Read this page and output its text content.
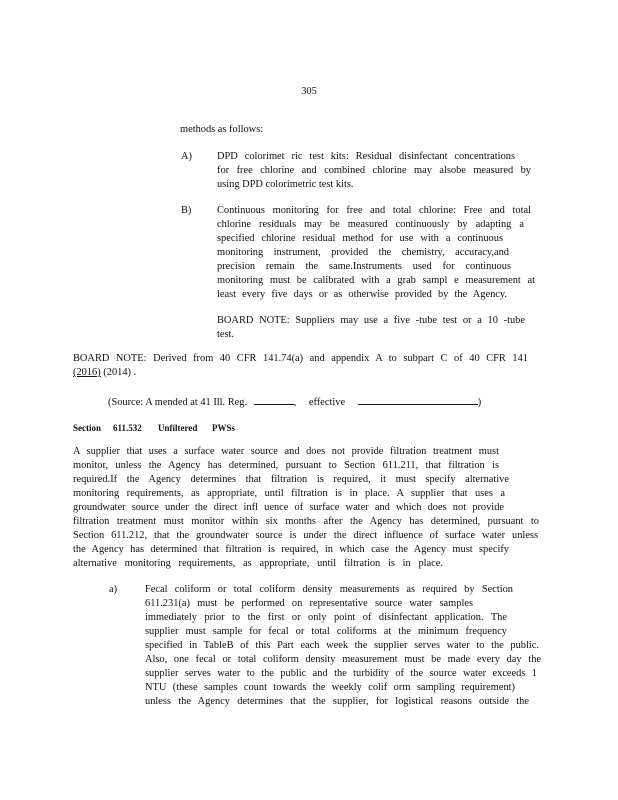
305
methods as follows:
A) DPD colorimet ric test kits: Residual disinfectant concentrations
for free chlorine and combined chlorine may alsobe measured by
using DPD colorimetric test kits.
B) Continuous monitoring for free and total chlorine: Free and total
chlorine residuals may be measured continuously by adapting a
specified chlorine residual method for use with a continuous
monitoring instrument, provided the chemistry, accuracy,and
precision remain the same.Instruments used for continuous
monitoring must be calibrated with a grab sampl e measurement at
least every five days or as otherwise provided by the Agency.
BOARD NOTE: Suppliers may use a five -tube test or a 10 -tube
test.
BOARD NOTE: Derived from 40 CFR 141.74(a) and appendix A to subpart C of 40 CFR 141
(2016) (2014) .
(Source: A mended at 41 Ill. Reg.	, effective	)
Section 611.532 Unfiltered PWSs
A supplier that uses a surface water source and does not provide filtration treatment must
monitor, unless the Agency has determined, pursuant to Section 611.211, that filtration is
required.If the Agency determines that filtration is required, it must specify alternative
monitoring requirements, as appropriate, until filtration is in place. A supplier that uses a
groundwater source under the direct infl uence of surface water and which does not provide
filtration treatment must monitor within six months after the Agency has determined, pursuant to
Section 611.212, that the groundwater source is under the direct influence of surface water unless
the Agency has determined that filtration is required, in which case the Agency must specify
alternative monitoring requirements, as appropriate, until filtration is in place.
a)	Fecal coliform or total coliform density measurements as required by Section
611.231(a) must be performed on representative source water samples
immediately prior to the first or only point of disinfectant application. The
supplier must sample for fecal or total coliforms at the minimum frequency
specified in TableB of this Part each week the supplier serves water to the public.
Also, one fecal or total coliform density measurement must be made every day the
supplier serves water to the public and the turbidity of the source water exceeds 1
NTU (these samples count towards the weekly colif orm sampling requirement)
unless the Agency determines that the supplier, for logistical reasons outside the
